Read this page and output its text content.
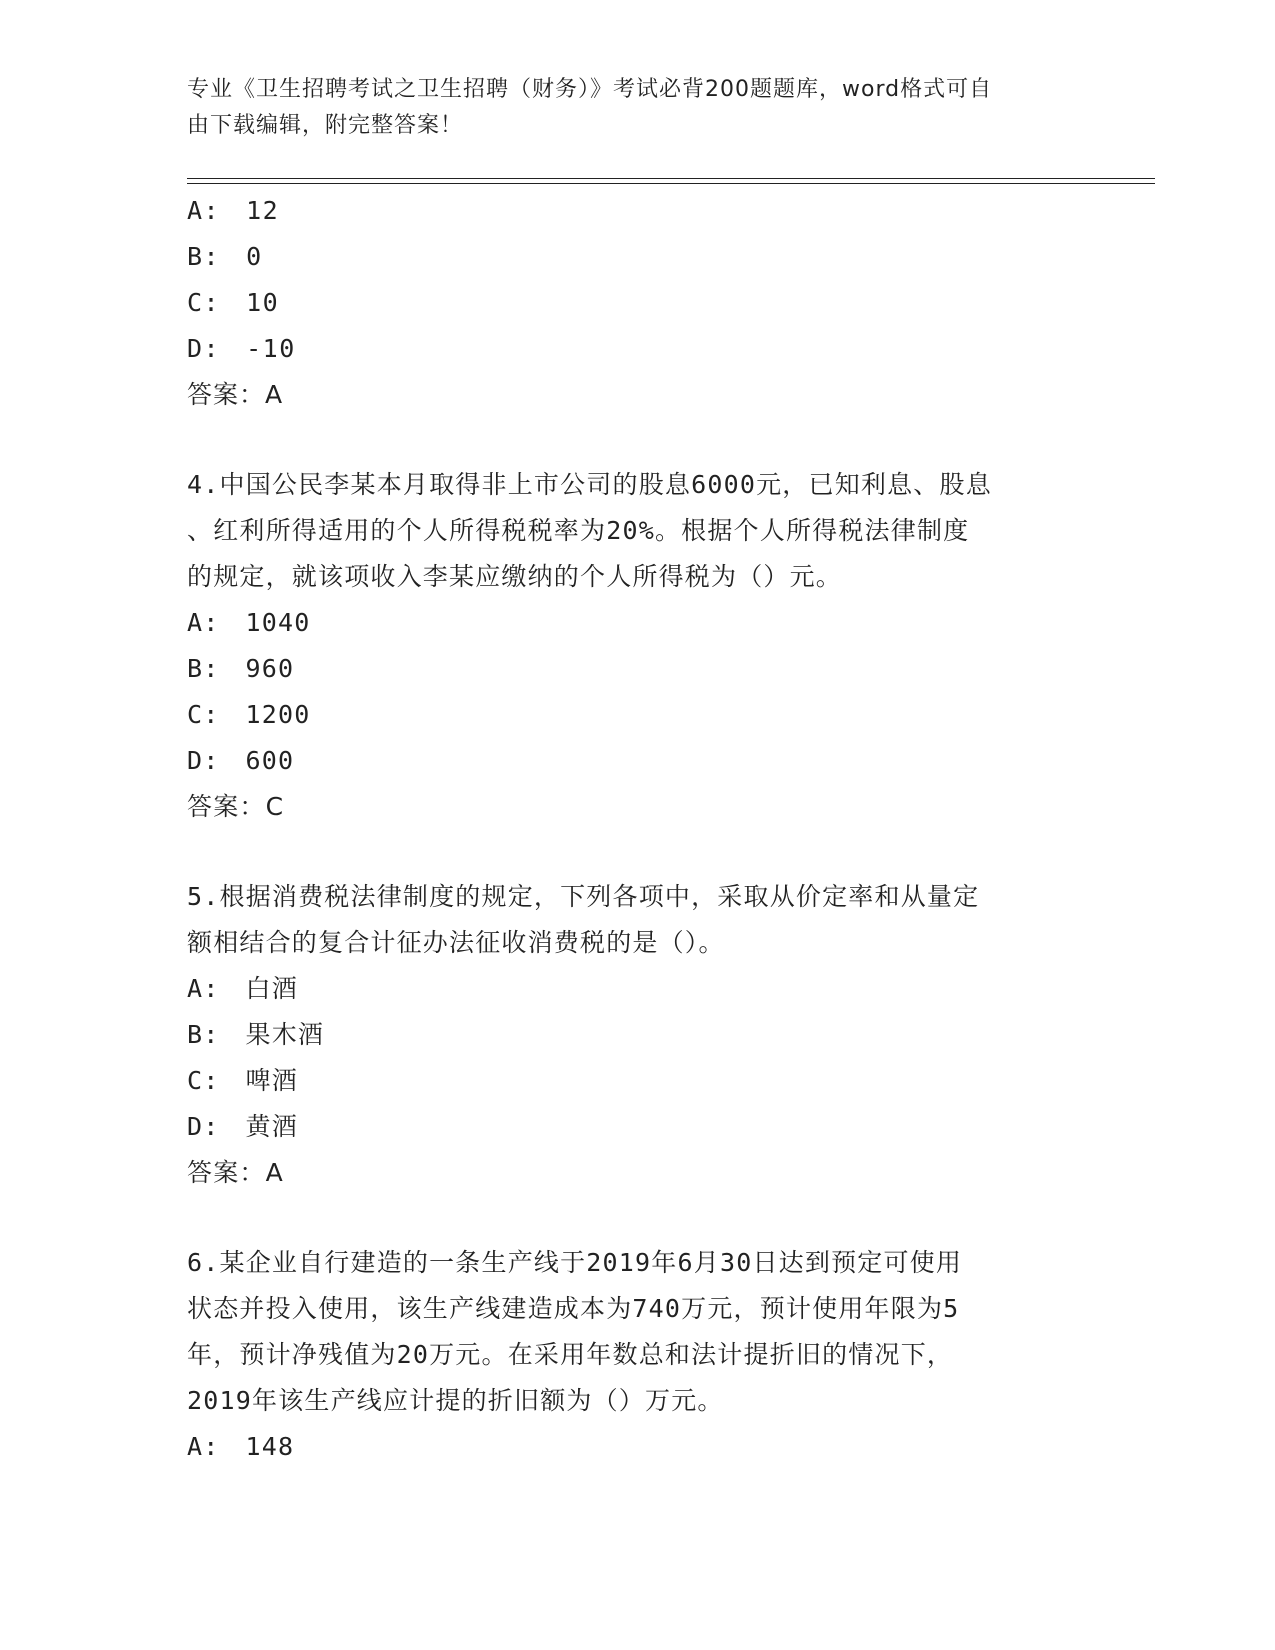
专业《卫生招聘考试之卫生招聘（财务）》考试必背200题题库，word格式可自
由下载编辑，附完整答案！
A: 12
B: 0
C: 10
D: -10
答案：A
4.中国公民李某本月取得非上市公司的股息6000元，已知利息、股息
、红利所得适用的个人所得税税率为20%。根据个人所得税法律制度
的规定，就该项收入李某应缴纳的个人所得税为（）元。
A: 1040
B: 960
C: 1200
D: 600
答案：C
5.根据消费税法律制度的规定，下列各项中，采取从价定率和从量定
额相结合的复合计征办法征收消费税的是（）。
A: 白酒
B: 果木酒
C: 啤酒
D: 黄酒
答案：A
6.某企业自行建造的一条生产线于2019年6月30日达到预定可使用
状态并投入使用，该生产线建造成本为740万元，预计使用年限为5
年，预计净残值为20万元。在采用年数总和法计提折旧的情况下，
2019年该生产线应计提的折旧额为（）万元。
A: 148
